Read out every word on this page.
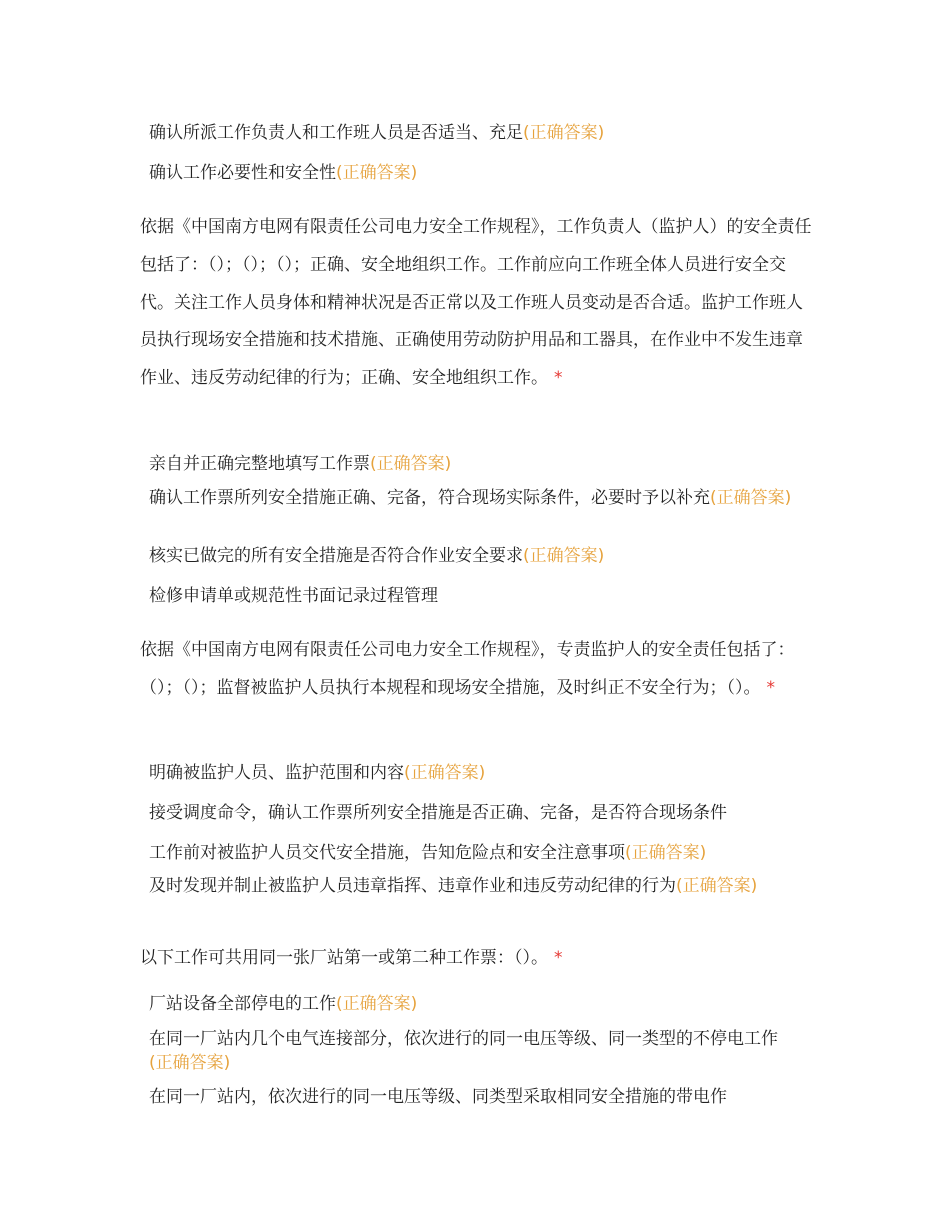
确认所派工作负责人和工作班人员是否适当、充足(正确答案)
确认工作必要性和安全性(正确答案)
依据《中国南方电网有限责任公司电力安全工作规程》，工作负责人（监护人）的安全责任包括了：（）；（）；（）；正确、安全地组织工作。工作前应向工作班全体人员进行安全交代。关注工作人员身体和精神状况是否正常以及工作班人员变动是否合适。监护工作班人员执行现场安全措施和技术措施、正确使用劳动防护用品和工器具，在作业中不发生违章作业、违反劳动纪律的行为；正确、安全地组织工作。 *
亲自并正确完整地填写工作票(正确答案)
确认工作票所列安全措施正确、完备，符合现场实际条件，必要时予以补充(正确答案)
核实已做完的所有安全措施是否符合作业安全要求(正确答案)
检修申请单或规范性书面记录过程管理
依据《中国南方电网有限责任公司电力安全工作规程》，专责监护人的安全责任包括了：（）；（）；监督被监护人员执行本规程和现场安全措施，及时纠正不安全行为；（）。 *
明确被监护人员、监护范围和内容(正确答案)
接受调度命令，确认工作票所列安全措施是否正确、完备，是否符合现场条件
工作前对被监护人员交代安全措施，告知危险点和安全注意事项(正确答案)
及时发现并制止被监护人员违章指挥、违章作业和违反劳动纪律的行为(正确答案)
以下工作可共用同一张厂站第一或第二种工作票：（）。 *
厂站设备全部停电的工作(正确答案)
在同一厂站内几个电气连接部分，依次进行的同一电压等级、同一类型的不停电工作(正确答案)
在同一厂站内，依次进行的同一电压等级、同类型采取相同安全措施的带电作
